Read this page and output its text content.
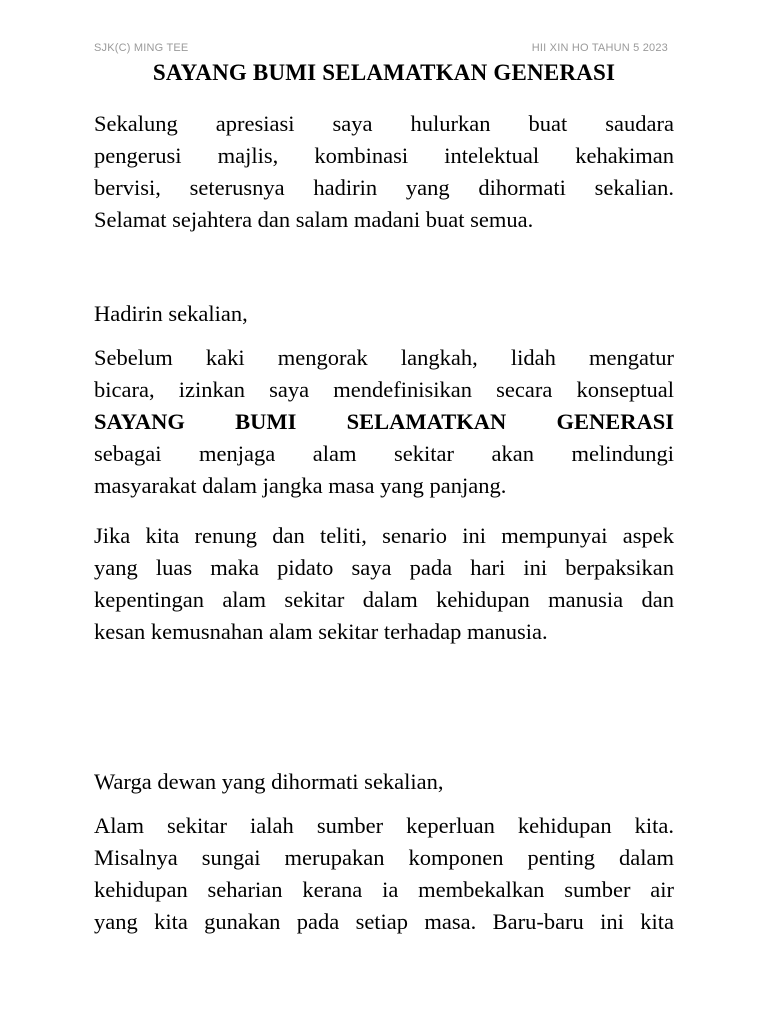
SJK(C) MING TEE	HII XIN HO TAHUN 5 2023
SAYANG BUMI SELAMATKAN GENERASI
Sekalung apresiasi saya hulurkan buat saudara
pengerusi majlis, kombinasi intelektual kehakiman
bervisi, seterusnya hadirin yang dihormati sekalian.
Selamat sejahtera dan salam madani buat semua.
Hadirin sekalian,
Sebelum kaki mengorak langkah, lidah mengatur
bicara, izinkan saya mendefinisikan secara konseptual
SAYANG BUMI SELAMATKAN GENERASI
sebagai menjaga alam sekitar akan melindungi
masyarakat dalam jangka masa yang panjang.
Jika kita renung dan teliti, senario ini mempunyai aspek
yang luas maka pidato saya pada hari ini berpaksikan
kepentingan alam sekitar dalam kehidupan manusia dan
kesan kemusnahan alam sekitar terhadap manusia.
Warga dewan yang dihormati sekalian,
Alam sekitar ialah sumber keperluan kehidupan kita.
Misalnya sungai merupakan komponen penting dalam
kehidupan seharian kerana ia membekalkan sumber air
yang kita gunakan pada setiap masa. Baru-baru ini kita
